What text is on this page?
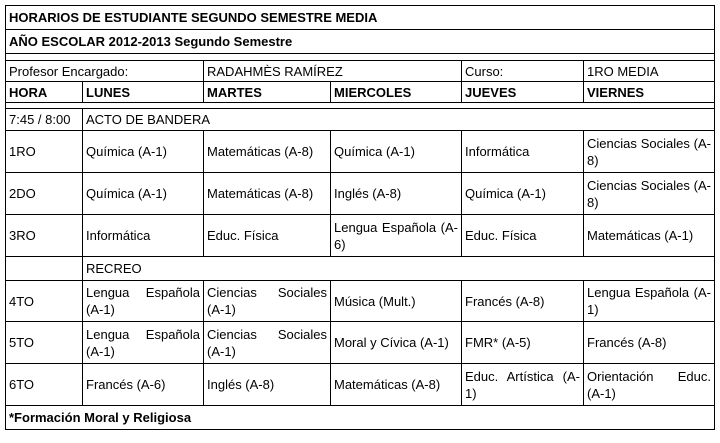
HORARIOS DE ESTUDIANTE SEGUNDO SEMESTRE MEDIA					
AÑO ESCOLAR 2012-2013 Segundo Semestre					

Profesor Encargado:		RADAHMÈS RAMÍREZ		Curso:	1RO MEDIA
HORA	LUNES	MARTES	MIERCOLES	JUEVES	VIERNES

7:45 / 8:00	ACTO DE BANDERA				
1RO	Química (A-1)	Matemáticas (A-8)	Química (A-1)	Informática	Ciencias Sociales (A-8)
2DO	Química (A-1)	Matemáticas (A-8)	Inglés (A-8)	Química (A-1)	Ciencias Sociales (A-8)
3RO	Informática	Educ. Física	Lengua Española (A-6)	Educ. Física	Matemáticas (A-1)
	RECREO				
4TO	Lengua Española (A-1)	Ciencias Sociales (A-1)	Música (Mult.)	Francés (A-8)	Lengua Española (A-1)
5TO	Lengua Española (A-1)	Ciencias Sociales (A-1)	Moral y Cívica (A-1)	FMR* (A-5)	Francés (A-8)
6TO	Francés (A-6)	Inglés (A-8)	Matemáticas (A-8)	Educ. Artística (A-1)	Orientación Educ. (A-1)
*Formación Moral y Religiosa					
